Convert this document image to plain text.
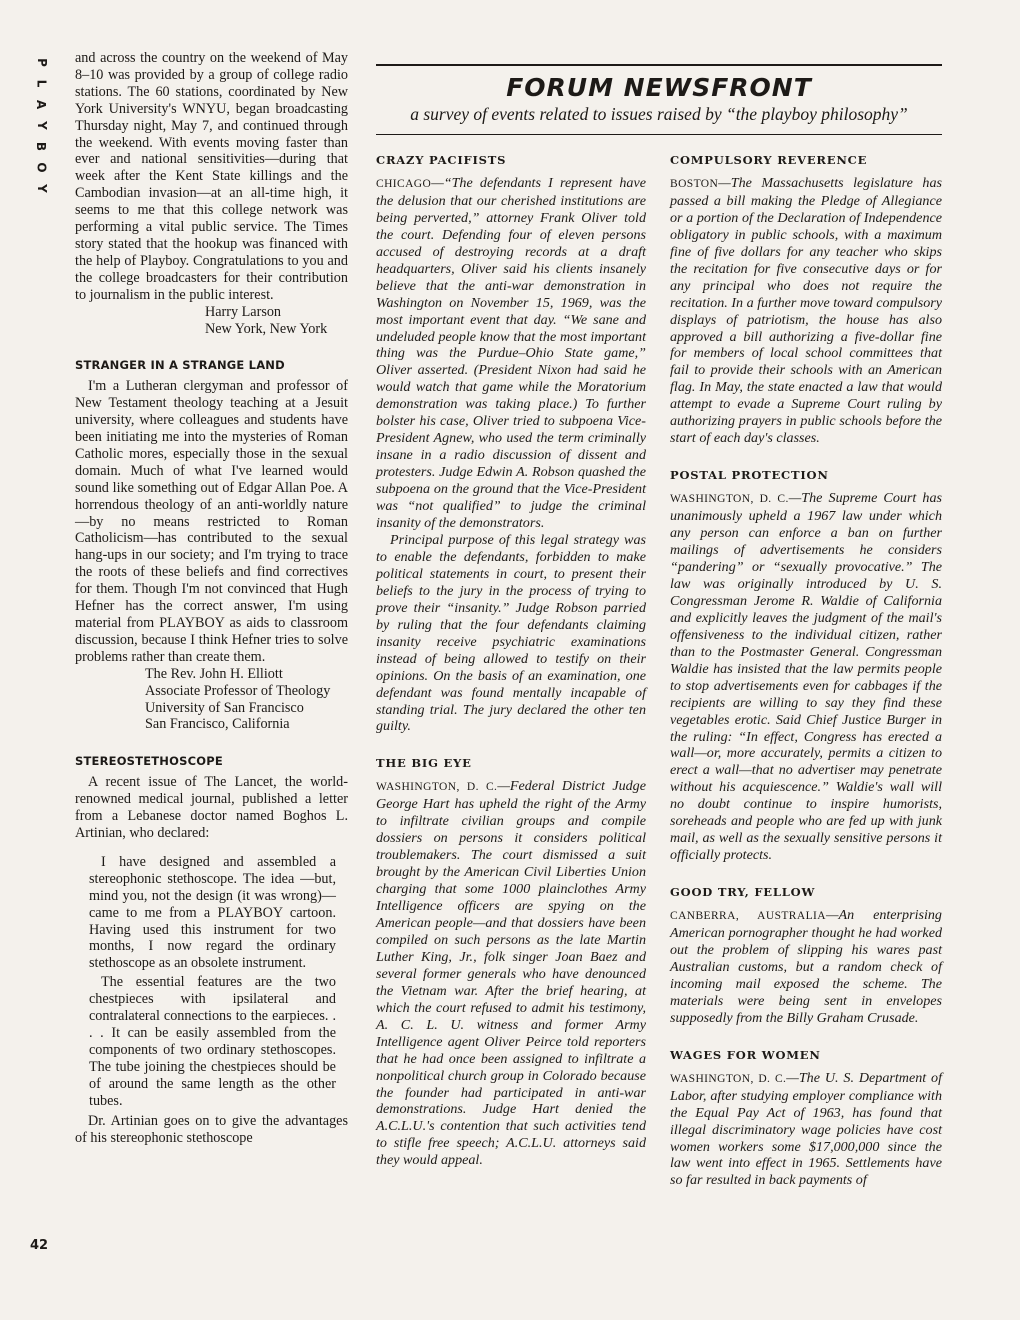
P
L
A
Y
B
O
Y
42

and across the country on the weekend of May 8–10 was provided by a group of college radio stations. The 60 stations, coordinated by New York University's WNYU, began broadcasting Thursday night, May 7, and continued through the weekend. With events moving faster than ever and national sensitivities—during that week after the Kent State killings and the Cambodian invasion—at an all-time high, it seems to me that this college network was performing a vital public service. The Times story stated that the hookup was financed with the help of Playboy. Congratulations to you and the college broadcasters for their contribution to journalism in the public interest.

Harry Larson
New York, New York
STRANGER IN A STRANGE LAND

I'm a Lutheran clergyman and professor of New Testament theology teaching at a Jesuit university, where colleagues and students have been initiating me into the mysteries of Roman Catholic mores, especially those in the sexual domain. Much of what I've learned would sound like something out of Edgar Allan Poe. A horrendous theology of an anti-worldly nature—by no means restricted to Roman Catholicism—has contributed to the sexual hang-ups in our society; and I'm trying to trace the roots of these beliefs and find correctives for them. Though I'm not convinced that Hugh Hefner has the correct answer, I'm using material from PLAYBOY as aids to classroom discussion, because I think Hefner tries to solve problems rather than create them.

The Rev. John H. Elliott
Associate Professor of Theology
University of San Francisco
San Francisco, California
STEREOSTETHOSCOPE

A recent issue of The Lancet, the world-renowned medical journal, published a letter from a Lebanese doctor named Boghos L. Artinian, who declared:

I have designed and assembled a stereophonic stethoscope. The idea —but, mind you, not the design (it was wrong)—came to me from a PLAYBOY cartoon. Having used this instrument for two months, I now regard the ordinary stethoscope as an obsolete instrument.

The essential features are the two chestpieces with ipsilateral and contralateral connections to the earpieces. . . . It can be easily assembled from the components of two ordinary stethoscopes. The tube joining the chestpieces should be of around the same length as the other tubes.

Dr. Artinian goes on to give the advantages of his stereophonic stethoscope

FORUM NEWSFRONT
a survey of events related to issues raised by “the playboy philosophy”
CRAZY PACIFISTS

CHICAGO—“The defendants I represent have the delusion that our cherished institutions are being perverted,” attorney Frank Oliver told the court. Defending four of eleven persons accused of destroying records at a draft headquarters, Oliver said his clients insanely believe that the anti-war demonstration in Washington on November 15, 1969, was the most important event that day. “We sane and undeluded people know that the most important thing was the Purdue–Ohio State game,” Oliver asserted. (President Nixon had said he would watch that game while the Moratorium demonstration was taking place.) To further bolster his case, Oliver tried to subpoena Vice-President Agnew, who used the term criminally insane in a radio discussion of dissent and protesters. Judge Edwin A. Robson quashed the subpoena on the ground that the Vice-President was “not qualified” to judge the criminal insanity of the demonstrators.

Principal purpose of this legal strategy was to enable the defendants, forbidden to make political statements in court, to present their beliefs to the jury in the process of trying to prove their “insanity.” Judge Robson parried by ruling that the four defendants claiming insanity receive psychiatric examinations instead of being allowed to testify on their opinions. On the basis of an examination, one defendant was found mentally incapable of standing trial. The jury declared the other ten guilty.

THE BIG EYE

WASHINGTON, D. C.—Federal District Judge George Hart has upheld the right of the Army to infiltrate civilian groups and compile dossiers on persons it considers political troublemakers. The court dismissed a suit brought by the American Civil Liberties Union charging that some 1000 plainclothes Army Intelligence officers are spying on the American people—and that dossiers have been compiled on such persons as the late Martin Luther King, Jr., folk singer Joan Baez and several former generals who have denounced the Vietnam war. After the brief hearing, at which the court refused to admit his testimony, A. C. L. U. witness and former Army Intelligence agent Oliver Peirce told reporters that he had once been assigned to infiltrate a nonpolitical church group in Colorado because the founder had participated in anti-war demonstrations. Judge Hart denied the A.C.L.U.'s contention that such activities tend to stifle free speech; A.C.L.U. attorneys said they would appeal.

COMPULSORY REVERENCE

BOSTON—The Massachusetts legislature has passed a bill making the Pledge of Allegiance or a portion of the Declaration of Independence obligatory in public schools, with a maximum fine of five dollars for any teacher who skips the recitation for five consecutive days or for any principal who does not require the recitation. In a further move toward compulsory displays of patriotism, the house has also approved a bill authorizing a five-dollar fine for members of local school committees that fail to provide their schools with an American flag. In May, the state enacted a law that would attempt to evade a Supreme Court ruling by authorizing prayers in public schools before the start of each day's classes.

POSTAL PROTECTION

WASHINGTON, D. C.—The Supreme Court has unanimously upheld a 1967 law under which any person can enforce a ban on further mailings of advertisements he considers “pandering” or “sexually provocative.” The law was originally introduced by U. S. Congressman Jerome R. Waldie of California and explicitly leaves the judgment of the mail's offensiveness to the individual citizen, rather than to the Postmaster General. Congressman Waldie has insisted that the law permits people to stop advertisements even for cabbages if the recipients are willing to say they find these vegetables erotic. Said Chief Justice Burger in the ruling: “In effect, Congress has erected a wall—or, more accurately, permits a citizen to erect a wall—that no advertiser may penetrate without his acquiescence.” Waldie's wall will no doubt continue to inspire humorists, soreheads and people who are fed up with junk mail, as well as the sexually sensitive persons it officially protects.

GOOD TRY, FELLOW

CANBERRA, AUSTRALIA—An enterprising American pornographer thought he had worked out the problem of slipping his wares past Australian customs, but a random check of incoming mail exposed the scheme. The materials were being sent in envelopes supposedly from the Billy Graham Crusade.

WAGES FOR WOMEN

WASHINGTON, D. C.—The U. S. Department of Labor, after studying employer compliance with the Equal Pay Act of 1963, has found that illegal discriminatory wage policies have cost women workers some $17,000,000 since the law went into effect in 1965. Settlements have so far resulted in back payments of
